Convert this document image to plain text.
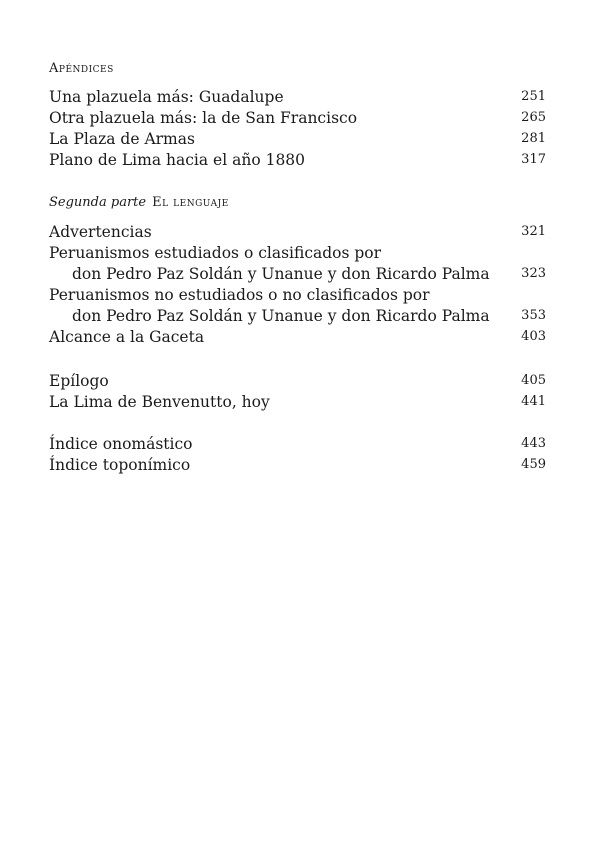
Apéndices
Una plazuela más: Guadalupe	251
Otra plazuela más: la de San Francisco	265
La Plaza de Armas	281
Plano de Lima hacia el año 1880	317
Segunda parte El lenguaje
Advertencias	321
Peruanismos estudiados o clasificados por
don Pedro Paz Soldán y Unanue y don Ricardo Palma 323
Peruanismos no estudiados o no clasificados por
don Pedro Paz Soldán y Unanue y don Ricardo Palma 353
Alcance a la Gaceta	403
Epílogo	405
La Lima de Benvenutto, hoy	441
Índice onomástico	443
Índice toponímico	459
